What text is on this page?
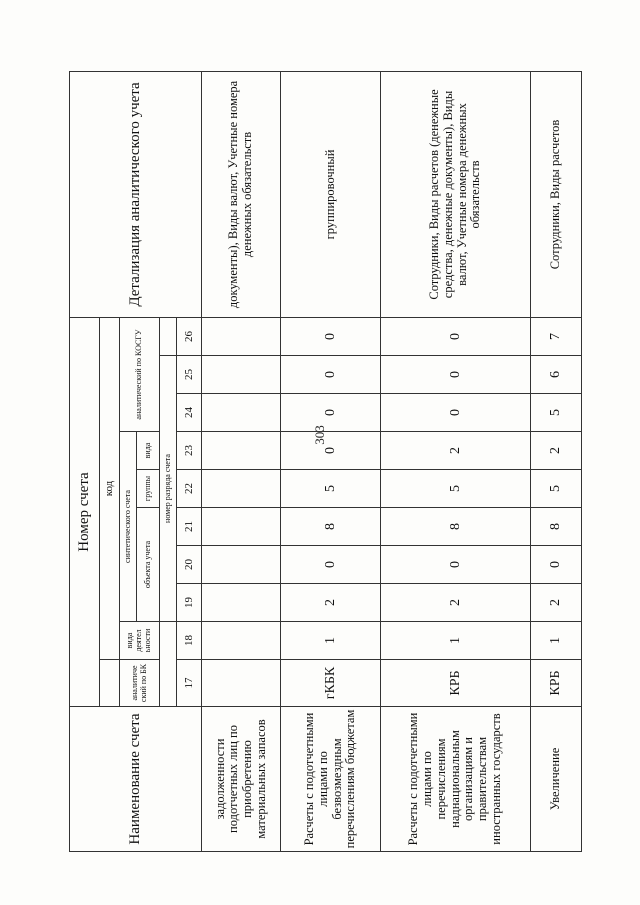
303
Наименование счета	Номер счета										Детализация аналитического учета
		код									
	аналитиче ский по БК	вида деятел ьности	синтетического счета					аналитический по КОСГУ			
			объекта учета			группы	вида				
			номер разряда счета								
	17	18	19	20	21	22	23	24	25	26	
задолженности подотчетных лиц по приобретению материальных запасов											документы), Виды валют, Учетные номера денежных обязательств
Расчеты с подотчетными лицами по безвозмездным перечислениям бюджетам	гКБК	1	2	0	8	5	0	0	0	0	группировочный
Расчеты с подотчетными лицами по перечислениям наднациональным организациям и правительствам иностранных государств	КРБ	1	2	0	8	5	2	0	0	0	Сотрудники, Виды расчетов (денежные средства, денежные документы), Виды валют, Учетные номера денежных обязательств
Увеличение	КРБ	1	2	0	8	5	2	5	6	7	Сотрудники, Виды расчетов
